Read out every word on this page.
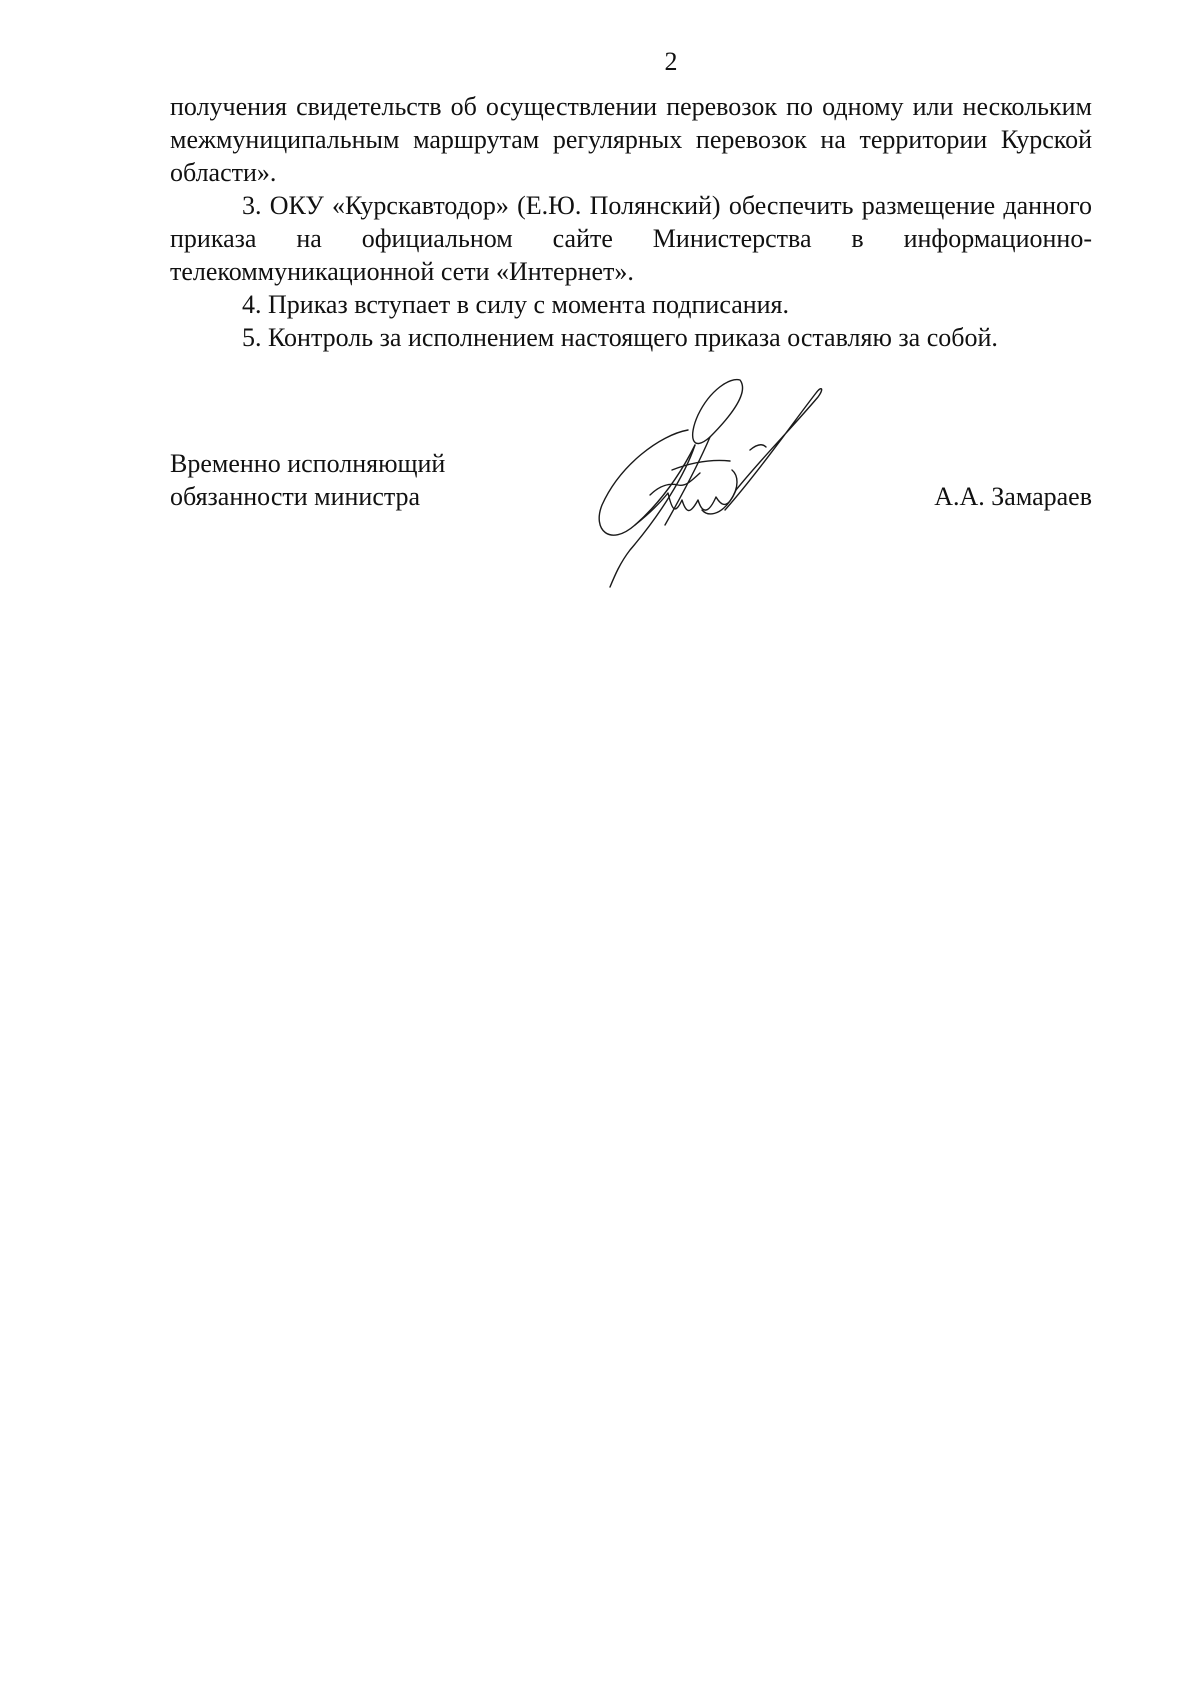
2

получения свидетельств об осуществлении перевозок по одному или нескольким межмуниципальным маршрутам регулярных перевозок на территории Курской области».

3. ОКУ «Курскавтодор» (Е.Ю. Полянский) обеспечить размещение данного приказа на официальном сайте Министерства в информационно-телекоммуникационной сети «Интернет».

4. Приказ вступает в силу с момента подписания.

5. Контроль за исполнением настоящего приказа оставляю за собой.

Временно исполняющий
обязанности министра	А.А. Замараев
